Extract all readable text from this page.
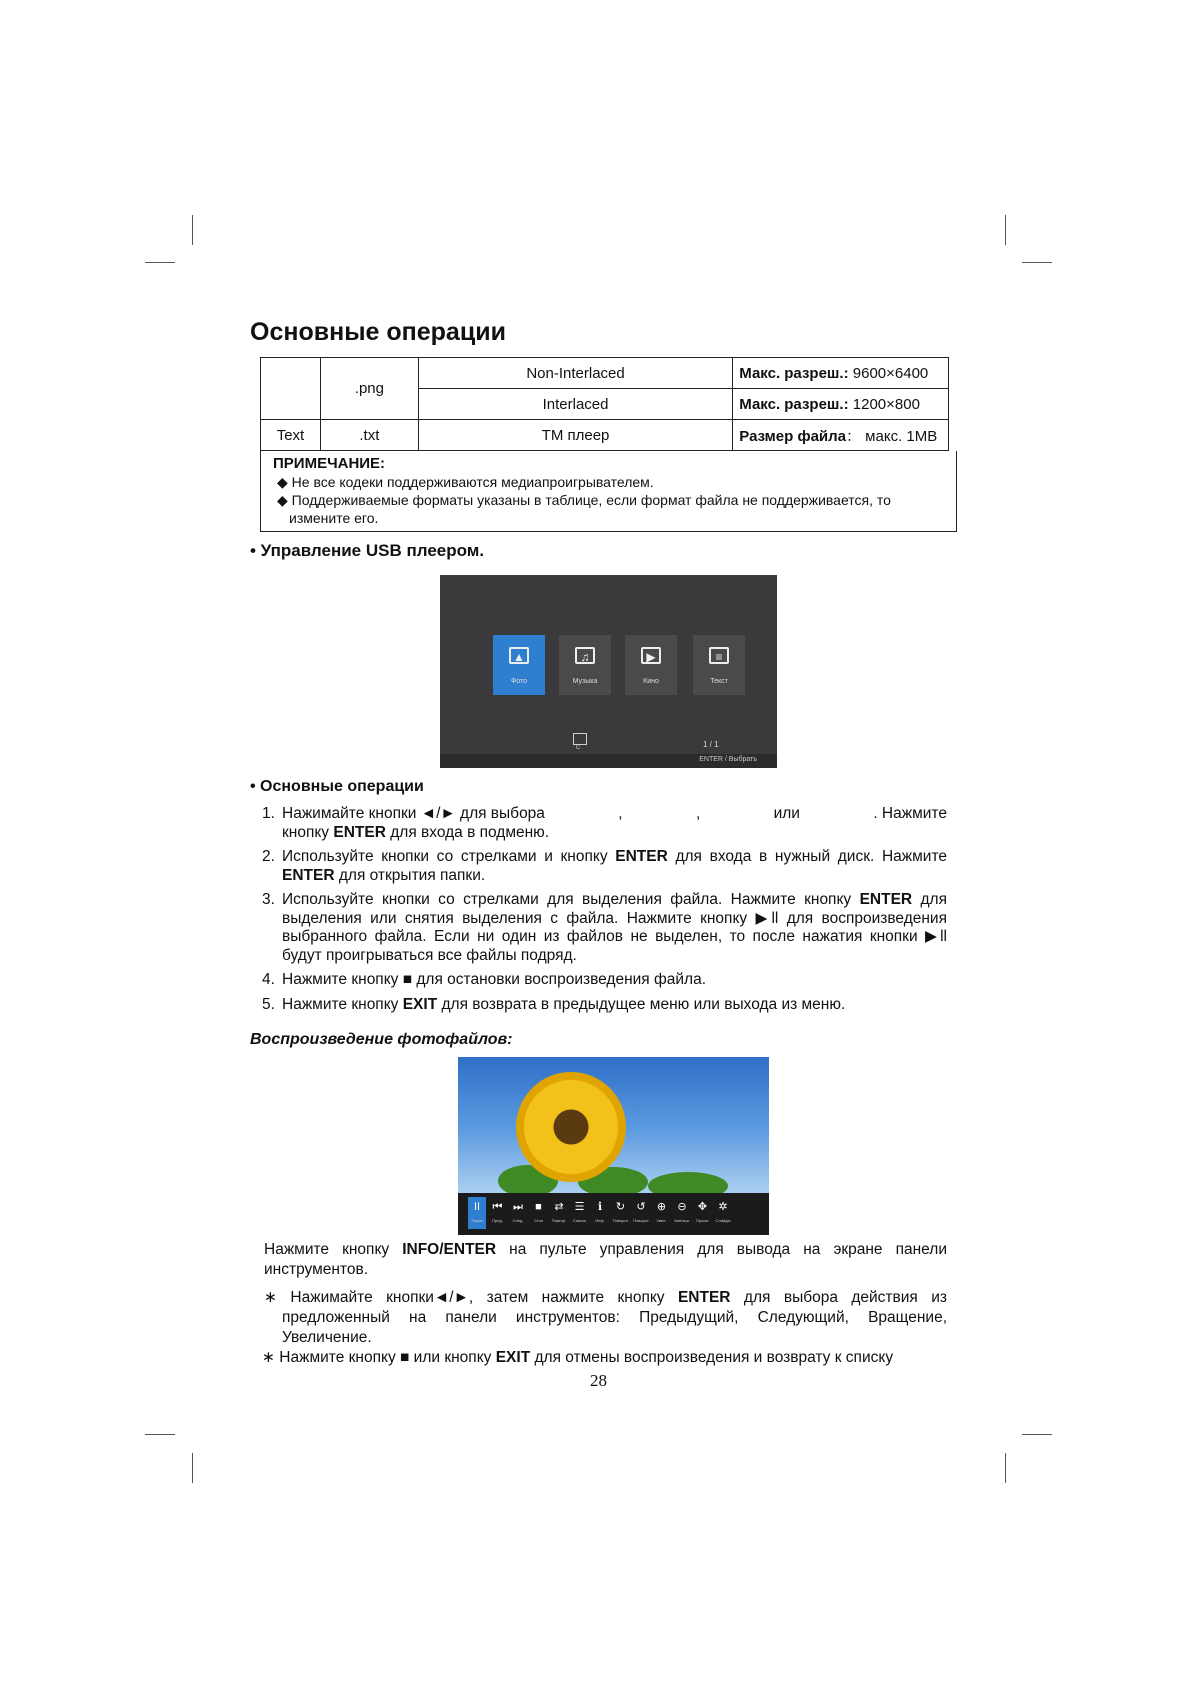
Основные операции
	.png	Non-Interlaced	Макс. разреш.: 9600×6400
		Interlaced	Макс. разреш.: 1200×800
Text	.txt	TM плеер	Размер файла： макс. 1MB
ПРИМЕЧАНИЕ:
◆ Не все кодеки поддерживаются медиапроигрывателем.
◆ Поддерживаемые форматы указаны в таблице, если формат файла не поддерживается, то измените его.
• Управление USB плеером.
▲
Фото
♫
Музыка
▶
Кино
≡
Текст
C	1 / 1
ENTER / Выбрать
• Основные операции
1. Нажимайте кнопки ◄/► для выбора	,	,	или	. Нажмите
кнопку ENTER для входа в подменю.
2. Используйте кнопки со стрелками и кнопку ENTER для входа в нужный диск. Нажмите ENTER для открытия папки.
3. Используйте кнопки со стрелками для выделения файла. Нажмите кнопку ENTER для выделения или снятия выделения с файла. Нажмите кнопку ▶ll для воспроизведения выбранного файла. Если ни один из файлов не выделен, то после нажатия кнопки ▶ll будут проигрываться все файлы подряд.
4. Нажмите кнопку ■ для остановки воспроизведения файла.
5. Нажмите кнопку EXIT для возврата в предыдущее меню или выхода из меню.
Воспроизведение фотофайлов:
II
Пауза
⏮
Пред.
⏭
След.
■
Стоп
⇄
Повтор.
☰
Список
ℹ
Инф.
↻
Поворот
↺
Поворот
⊕
Увел.
⊖
Уменьш.
✥
Просм.
✲
Слайды
Нажмите кнопку INFO/ENTER на пульте управления для вывода на экране панели инструментов.
∗ Нажимайте кнопки◄/►, затем нажмите кнопку ENTER для выбора действия из предложенный на панели инструментов: Предыдущий, Следующий, Вращение, Увеличение.
∗ Нажмите кнопку ■ или кнопку EXIT для отмены воспроизведения и возврату к списку
28
